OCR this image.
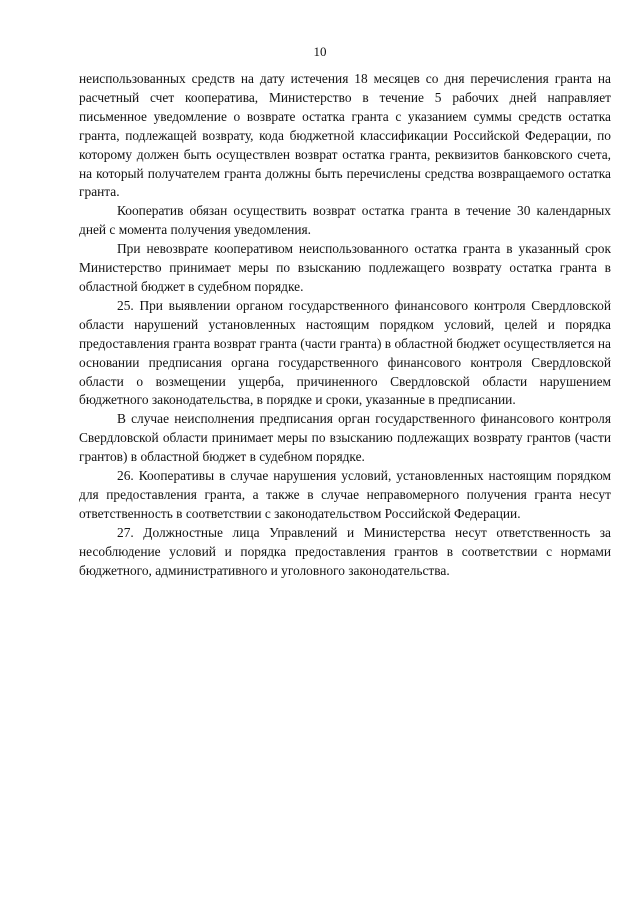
10

неиспользованных средств на дату истечения 18 месяцев со дня перечисления гранта на расчетный счет кооператива, Министерство в течение 5 рабочих дней направляет письменное уведомление о возврате остатка гранта с указанием суммы средств остатка гранта, подлежащей возврату, кода бюджетной классификации Российской Федерации, по которому должен быть осуществлен возврат остатка гранта, реквизитов банковского счета, на который получателем гранта должны быть перечислены средства возвращаемого остатка гранта.

Кооператив обязан осуществить возврат остатка гранта в течение 30 календарных дней с момента получения уведомления.

При невозврате кооперативом неиспользованного остатка гранта в указанный срок Министерство принимает меры по взысканию подлежащего возврату остатка гранта в областной бюджет в судебном порядке.

25. При выявлении органом государственного финансового контроля Свердловской области нарушений установленных настоящим порядком условий, целей и порядка предоставления гранта возврат гранта (части гранта) в областной бюджет осуществляется на основании предписания органа государственного финансового контроля Свердловской области о возмещении ущерба, причиненного Свердловской области нарушением бюджетного законодательства, в порядке и сроки, указанные в предписании.

В случае неисполнения предписания орган государственного финансового контроля Свердловской области принимает меры по взысканию подлежащих возврату грантов (части грантов) в областной бюджет в судебном порядке.

26. Кооперативы в случае нарушения условий, установленных настоящим порядком для предоставления гранта, а также в случае неправомерного получения гранта несут ответственность в соответствии с законодательством Российской Федерации.

27. Должностные лица Управлений и Министерства несут ответственность за несоблюдение условий и порядка предоставления грантов в соответствии с нормами бюджетного, административного и уголовного законодательства.
